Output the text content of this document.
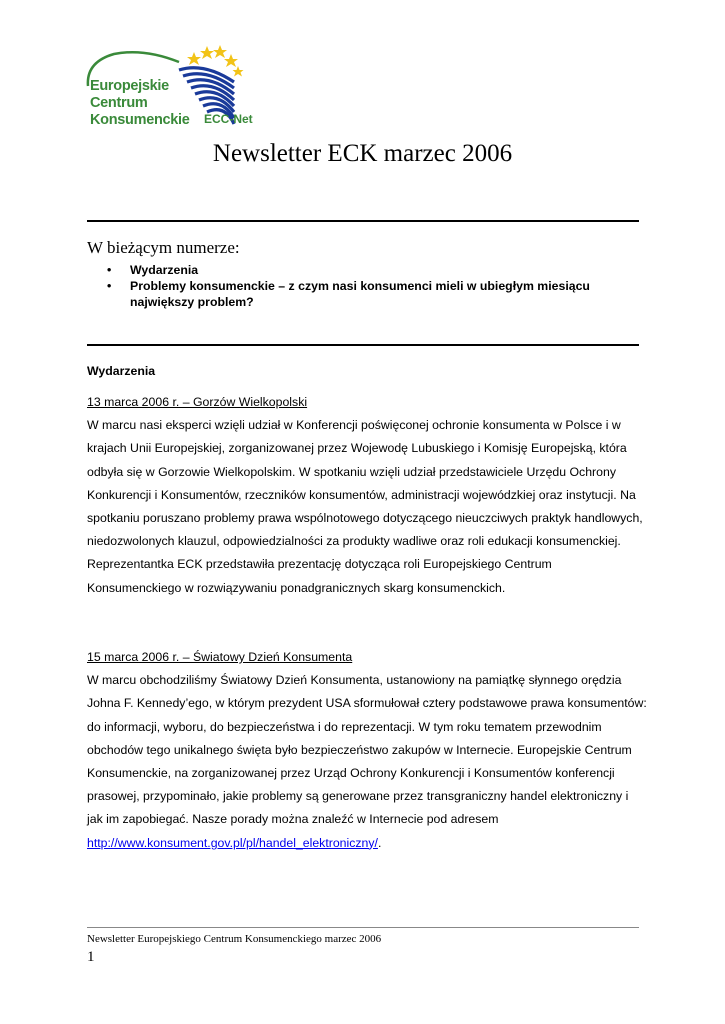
Europejskie
Centrum
Konsumenckie ECC-Net
Newsletter ECK marzec 2006
W bieżącym numerze:
• Wydarzenia
• Problemy konsumenckie – z czym nasi konsumenci mieli w ubiegłym miesiącu największy problem?
Wydarzenia
13 marca 2006 r. – Gorzów Wielkopolski

W marcu nasi eksperci wzięli udział w Konferencji poświęconej ochronie konsumenta w Polsce i w krajach Unii Europejskiej, zorganizowanej przez Wojewodę Lubuskiego i Komisję Europejską, która odbyła się w Gorzowie Wielkopolskim. W spotkaniu wzięli udział przedstawiciele Urzędu Ochrony Konkurencji i Konsumentów, rzeczników konsumentów, administracji wojewódzkiej oraz instytucji. Na spotkaniu poruszano problemy prawa wspólnotowego dotyczącego nieuczciwych praktyk handlowych, niedozwolonych klauzul, odpowiedzialności za produkty wadliwe oraz roli edukacji konsumenckiej. Reprezentantka ECK przedstawiła prezentację dotycząca roli Europejskiego Centrum Konsumenckiego w rozwiązywaniu ponadgranicznych skarg konsumenckich.

15 marca 2006 r. – Światowy Dzień Konsumenta

W marcu obchodziliśmy Światowy Dzień Konsumenta, ustanowiony na pamiątkę słynnego orędzia Johna F. Kennedy’ego, w którym prezydent USA sformułował cztery podstawowe prawa konsumentów: do informacji, wyboru, do bezpieczeństwa i do reprezentacji. W tym roku tematem przewodnim obchodów tego unikalnego święta było bezpieczeństwo zakupów w Internecie. Europejskie Centrum Konsumenckie, na zorganizowanej przez Urząd Ochrony Konkurencji i Konsumentów konferencji prasowej, przypominało, jakie problemy są generowane przez transgraniczny handel elektroniczny i jak im zapobiegać. Nasze porady można znaleźć w Internecie pod adresem
http://www.konsument.gov.pl/pl/handel_elektroniczny/.

Newsletter Europejskiego Centrum Konsumenckiego marzec 2006
1
